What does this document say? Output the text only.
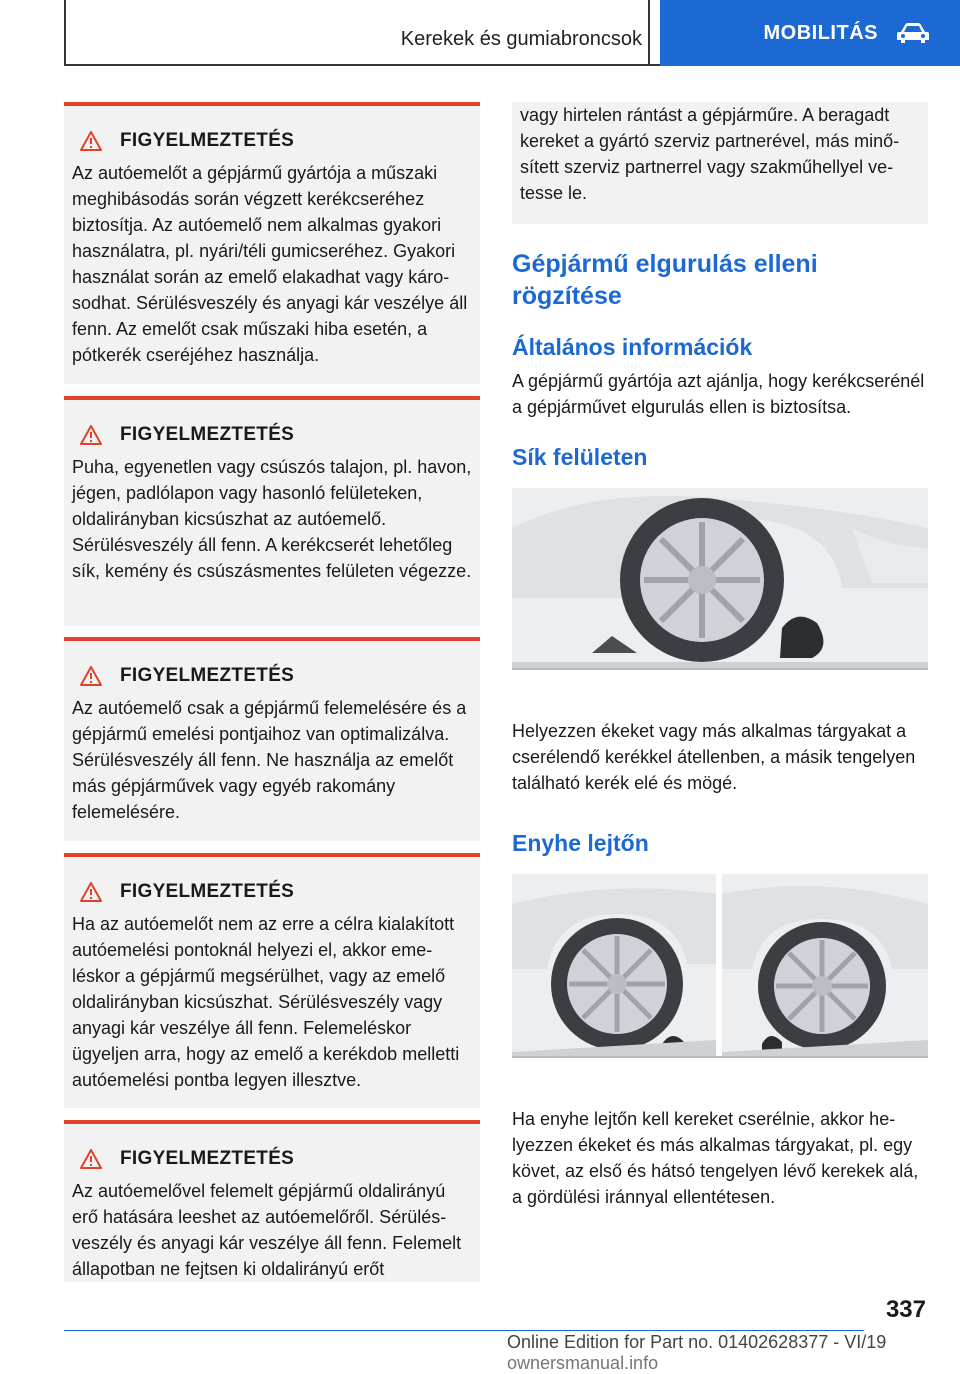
Kerekek és gumiabroncsok	MOBILITÁS
FIGYELMEZTETÉS
Az autóemelőt a gépjármű gyártója a műszaki meghibásodás során végzett kerékcseréhez biztosítja. Az autóemelő nem alkalmas gyakori használatra, pl. nyári/téli gumicseréhez. Gyakori használat során az emelő elakadhat vagy károsodhat. Sérülésveszély és anyagi kár veszélye áll fenn. Az emelőt csak műszaki hiba esetén, a pótkerék cseréjéhez használja.
FIGYELMEZTETÉS
Puha, egyenetlen vagy csúszós talajon, pl. havon, jégen, padlólapon vagy hasonló felületeken, oldalirányban kicsúszhat az autóemelő. Sérülésveszély áll fenn. A kerékcserét lehetőleg sík, kemény és csúszásmentes felületen végezze.
FIGYELMEZTETÉS
Az autóemelő csak a gépjármű felemelésére és a gépjármű emelési pontjaihoz van optimalizálva. Sérülésveszély áll fenn. Ne használja az emelőt más gépjárművek vagy egyéb rakomány felemelésére.
FIGYELMEZTETÉS
Ha az autóemelőt nem az erre a célra kialakított autóemelési pontoknál helyezi el, akkor emeléskor a gépjármű megsérülhet, vagy az emelő oldalirányban kicsúszhat. Sérülésveszély vagy anyagi kár veszélye áll fenn. Felemeléskor ügyeljen arra, hogy az emelő a kerékdob melletti autóemelési pontba legyen illesztve.
FIGYELMEZTETÉS
Az autóemelővel felemelt gépjármű oldalirányú erő hatására leeshet az autóemelőről. Sérülésveszély és anyagi kár veszélye áll fenn. Felemelt állapotban ne fejtsen ki oldalirányú erőt
vagy hirtelen rántást a gépjárműre. A beragadt kereket a gyártó szerviz partnerével, más minősített szerviz partnerrel vagy szakműhellyel vetesse le.
Gépjármű elgurulás elleni rögzítése
Általános információk
A gépjármű gyártója azt ajánlja, hogy kerékcserénél a gépjárművet elgurulás ellen is biztosítsa.
Sík felületen
Helyezzen ékeket vagy más alkalmas tárgyakat a cserélendő kerékkel átellenben, a másik tengelyen található kerék elé és mögé.
Enyhe lejtőn
Ha enyhe lejtőn kell kereket cserélnie, akkor helyezzen ékeket és más alkalmas tárgyakat, pl. egy követ, az első és hátsó tengelyen lévő kerekek alá, a gördülési iránnyal ellentétesen.
337
Online Edition for Part no. 01402628377 - VI/19 ownersmanual.info
